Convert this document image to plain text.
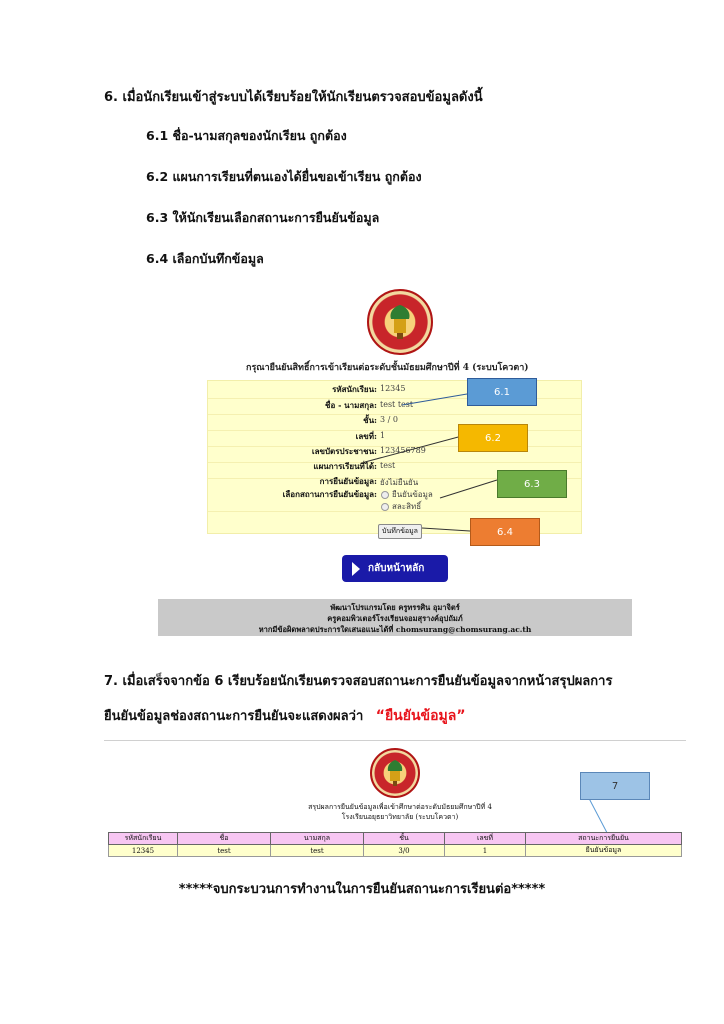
6. เมื่อนักเรียนเข้าสู่ระบบได้เรียบร้อยให้นักเรียนตรวจสอบข้อมูลดังนี้
6.1 ชื่อ-นามสกุลของนักเรียน ถูกต้อง
6.2 แผนการเรียนที่ตนเองได้ยื่นขอเข้าเรียน ถูกต้อง
6.3 ให้นักเรียนเลือกสถานะการยืนยันข้อมูล
6.4 เลือกบันทึกข้อมูล
กรุณายืนยันสิทธิ์การเข้าเรียนต่อระดับชั้นมัธยมศึกษาปีที่ 4 (ระบบโควตา)
รหัสนักเรียน: 12345
ชื่อ - นามสกุล: test test
ชั้น: 3 / 0
เลขที่: 1
เลขบัตรประชาชน: 123456789
แผนการเรียนที่ได้: test
การยืนยันข้อมูล: ยังไม่ยืนยัน
เลือกสถานการยืนยันข้อมูล:	ยืนยันข้อมูล
สละสิทธิ์
บันทึกข้อมูล
6.1
6.2
6.3
6.4
กลับหน้าหลัก
พัฒนาโปรแกรมโดย ครูทรรศิน อุมาจิตร์
ครูคอมพิวเตอร์โรงเรียนจอมสุรางค์อุปถัมภ์
หากมีข้อผิดพลาดประการใดเสนอแนะได้ที่ chomsurang@chomsurang.ac.th
7. เมื่อเสร็จจากข้อ 6 เรียบร้อยนักเรียนตรวจสอบสถานะการยืนยันข้อมูลจากหน้าสรุปผลการ
ยืนยันข้อมูลช่องสถานะการยืนยันจะแสดงผลว่า “ยืนยันข้อมูล”
7
สรุปผลการยืนยันข้อมูลเพื่อเข้าศึกษาต่อระดับมัธยมศึกษาปีที่ 4
โรงเรียนอยุธยาวิทยาลัย (ระบบโควตา)
รหัสนักเรียน	ชื่อ	นามสกุล	ชั้น	เลขที่	สถานะการยืนยัน
12345	test	test	3/0	1	ยืนยันข้อมูล
*****จบกระบวนการทำงานในการยืนยันสถานะการเรียนต่อ*****
